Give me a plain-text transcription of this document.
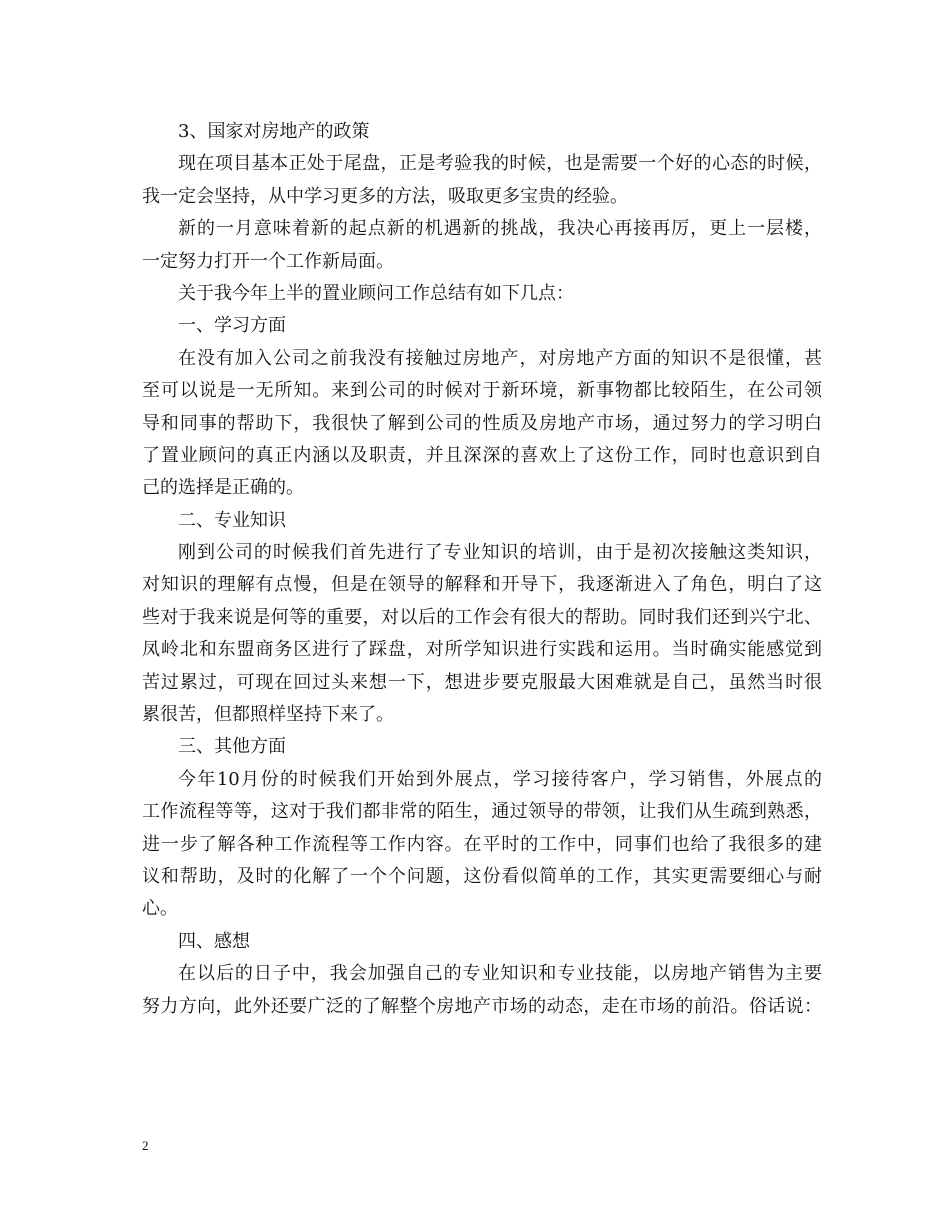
3、国家对房地产的政策
现在项目基本正处于尾盘，正是考验我的时候，也是需要一个好的心态的时候，
我一定会坚持，从中学习更多的方法，吸取更多宝贵的经验。
新的一月意味着新的起点新的机遇新的挑战，我决心再接再厉，更上一层楼，
一定努力打开一个工作新局面。
关于我今年上半的置业顾问工作总结有如下几点：
一、学习方面
在没有加入公司之前我没有接触过房地产，对房地产方面的知识不是很懂，甚
至可以说是一无所知。来到公司的时候对于新环境，新事物都比较陌生，在公司领
导和同事的帮助下，我很快了解到公司的性质及房地产市场，通过努力的学习明白
了置业顾问的真正内涵以及职责，并且深深的喜欢上了这份工作，同时也意识到自
己的选择是正确的。
二、专业知识
刚到公司的时候我们首先进行了专业知识的培训，由于是初次接触这类知识，
对知识的理解有点慢，但是在领导的解释和开导下，我逐渐进入了角色，明白了这
些对于我来说是何等的重要，对以后的工作会有很大的帮助。同时我们还到兴宁北、
凤岭北和东盟商务区进行了踩盘，对所学知识进行实践和运用。当时确实能感觉到
苦过累过，可现在回过头来想一下，想进步要克服最大困难就是自己，虽然当时很
累很苦，但都照样坚持下来了。
三、其他方面
今年10月份的时候我们开始到外展点，学习接待客户，学习销售，外展点的
工作流程等等，这对于我们都非常的陌生，通过领导的带领，让我们从生疏到熟悉，
进一步了解各种工作流程等工作内容。在平时的工作中，同事们也给了我很多的建
议和帮助，及时的化解了一个个问题，这份看似简单的工作，其实更需要细心与耐
心。
四、感想
在以后的日子中，我会加强自己的专业知识和专业技能，以房地产销售为主要
努力方向，此外还要广泛的了解整个房地产市场的动态，走在市场的前沿。俗话说：
2
